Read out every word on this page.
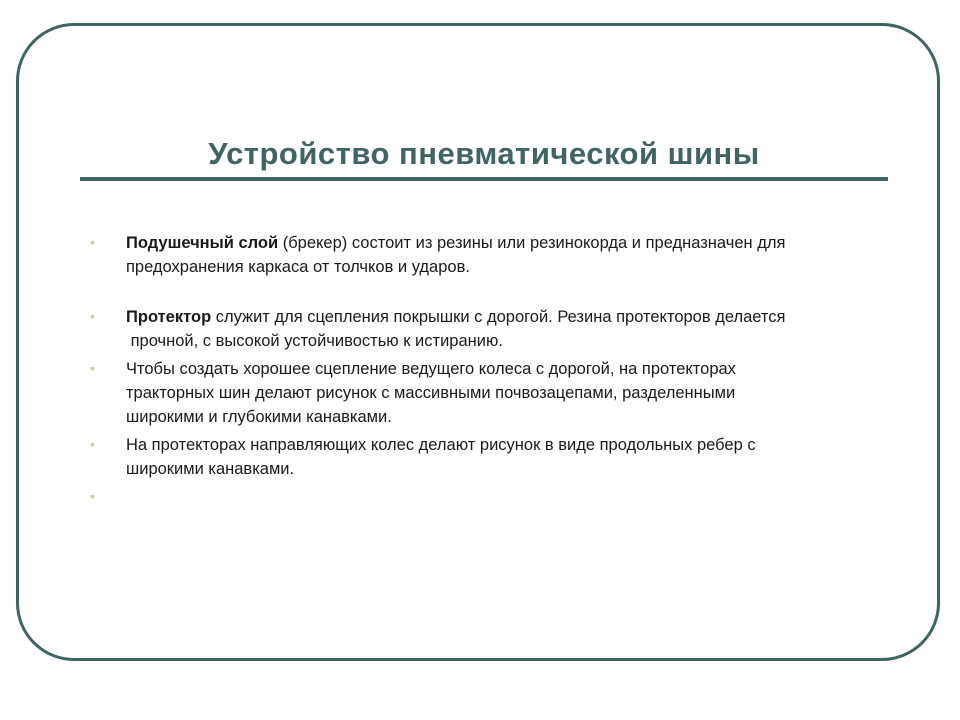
Устройство пневматической шины
• Подушечный слой (брекер) состоит из резины или резинокорда и предназначен для
предохранения каркаса от толчков и ударов.
• Протектор служит для сцепления покрышки с дорогой. Резина протекторов делается
прочной, с высокой устойчивостью к истиранию.
• Чтобы создать хорошее сцепление ведущего колеса с дорогой, на протекторах
тракторных шин делают рисунок с массивными почвозацепами, разделенными
широкими и глубокими канавками.
• На протекторах направляющих колес делают рисунок в виде продольных ребер с
широкими канавками.
•
